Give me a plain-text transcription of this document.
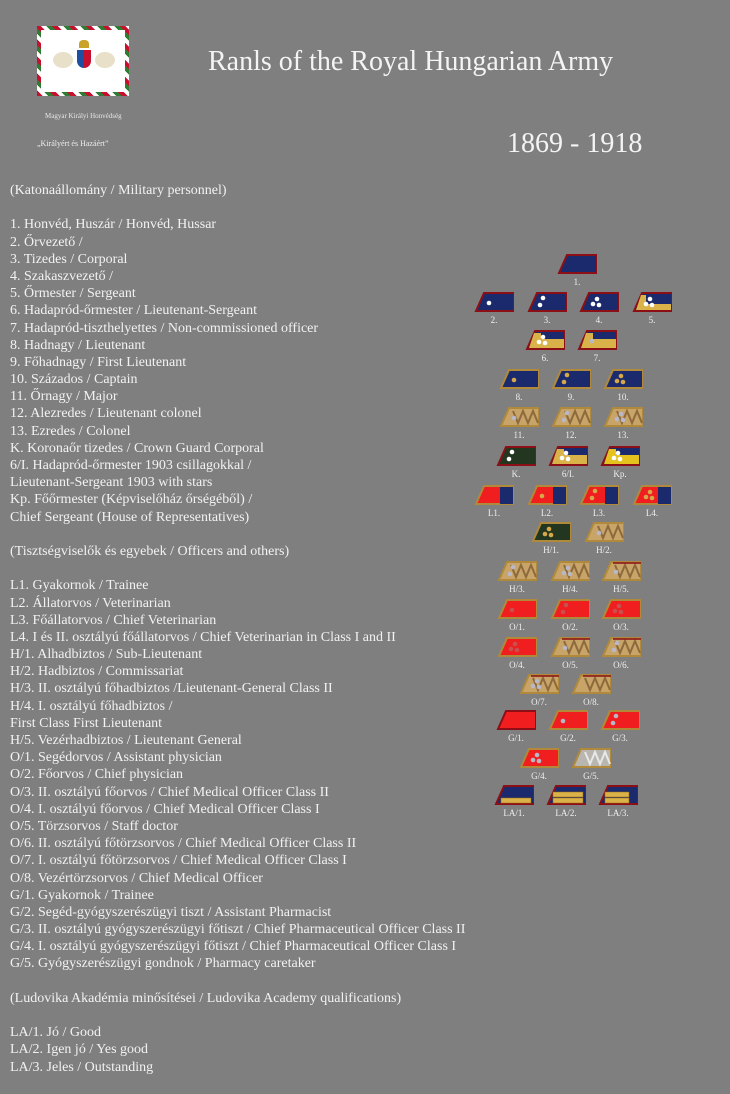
Magyar Királyi Honvédség
„Királyért és Hazáért”
Ranls of the Royal Hungarian Army
1869 - 1918
(Katonaállomány / Military personnel)
1. Honvéd, Huszár / Honvéd, Hussar
2. Őrvezető /
3. Tizedes / Corporal
4. Szakaszvezető /
5. Őrmester / Sergeant
6. Hadapród-őrmester / Lieutenant-Sergeant
7. Hadapród-tiszthelyettes / Non-commissioned officer
8. Hadnagy / Lieutenant
9. Főhadnagy / First Lieutenant
10. Százados / Captain
11. Őrnagy / Major
12. Alezredes / Lieutenant colonel
13. Ezredes / Colonel
K. Koronaőr tizedes / Crown Guard Corporal
6/I. Hadapród-őrmester 1903 csillagokkal /
Lieutenant-Sergeant 1903 with stars
Kp. Főőrmester (Képviselőház őrségéből) /
Chief Sergeant (House of Representatives)
(Tisztségviselők és egyebek / Officers and others)
L1. Gyakornok / Trainee
L2. Állatorvos / Veterinarian
L3. Főállatorvos / Chief Veterinarian
L4. I és II. osztályú főállatorvos / Chief Veterinarian in Class I and II
H/1. Alhadbiztos / Sub-Lieutenant
H/2. Hadbiztos / Commissariat
H/3. II. osztályú főhadbiztos /Lieutenant-General Class II
H/4. I. osztályú főhadbiztos /
First Class First Lieutenant
H/5. Vezérhadbiztos / Lieutenant General
O/1. Segédorvos / Assistant physician
O/2. Főorvos / Chief physician
O/3. II. osztályú főorvos / Chief Medical Officer Class II
O/4. I. osztályú főorvos / Chief Medical Officer Class I
O/5. Törzsorvos / Staff doctor
O/6. II. osztályú főtörzsorvos / Chief Medical Officer Class II
O/7. I. osztályú főtörzsorvos / Chief Medical Officer Class I
O/8. Vezértörzsorvos / Chief Medical Officer
G/1. Gyakornok / Trainee
G/2. Segéd-gyógyszerészügyi tiszt / Assistant Pharmacist
G/3. II. osztályú gyógyszerészügyi főtiszt / Chief Pharmaceutical Officer Class II
G/4. I. osztályú gyógyszerészügyi főtiszt / Chief Pharmaceutical Officer Class I
G/5. Gyógyszerészügyi gondnok / Pharmacy caretaker
(Ludovika Akadémia minősítései / Ludovika Academy qualifications)
LA/1. Jó / Good
LA/2. Igen jó / Yes good
LA/3. Jeles / Outstanding
1.
2.	3.	4.	5.
6.	7.
8.	9.	10.
11.	12.	13.
K.	6/I.	Kp.
L1.	L2.	L3.	L4.
H/1.	H/2.
H/3.	H/4.	H/5.
O/1.	O/2.	O/3.
O/4.	O/5.	O/6.
O/7.	O/8.
G/1.	G/2.	G/3.
G/4.	G/5.
LA/1.	LA/2.	LA/3.
